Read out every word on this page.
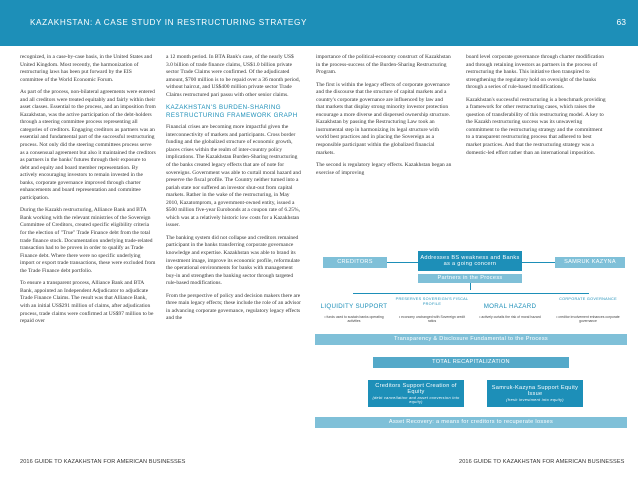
KAZAKHSTAN: A CASE STUDY IN RESTRUCTURING STRATEGY	63

recognized, in a case-by-case basis, in the United States and United Kingdom. Most recently, the harmonization of restructuring laws has been put forward by the EIS committee of the World Economic Forum.

As part of the process, non-bilateral agreements were entered and all creditors were treated equitably and fairly within their asset classes. Essential to the process, and an imposition from Kazakhstan, was the active participation of the debt-holders through a steering committee process representing all categories of creditors. Engaging creditors as partners was an essential and fundamental part of the successful restructuring process. Not only did the steering committees process serve as a consensual agreement but also it maintained the creditors as partners in the banks' futures through their exposure to debt and equity and board member representation. By actively encouraging investors to remain invested in the banks, corporate governance improved through charter enhancements and board representation and committee participation.

During the Kazakh restructuring, Alliance Bank and BTA Bank working with the relevant ministries of the Sovereign Committee of Creditors, created specific eligibility criteria for the election of "True" Trade Finance debt from the total trade finance stock. Documentation underlying trade-related transaction had to be proven in order to qualify as Trade Finance debt. Where there were no specific underlying import or export trade transactions, these were excluded from the Trade Finance debt portfolio.

To ensure a transparent process, Alliance Bank and BTA Bank, appointed an Independent Adjudicator to adjudicate Trade Finance Claims. The result was that Alliance Bank, with an initial US$291 million of claims, after adjudication process, trade claims were confirmed at US$97 million to be repaid over

a 12 month period. In BTA Bank's case, of the nearly US$ 3.0 billion of trade finance claims, US$1.0 billion private sector Trade Claims were confirmed. Of the adjudicated amount, $700 million is to be repaid over a 36 month period, without haircut, and US$400 million private sector Trade Claims restructured pari passu with other senior claims.

KAZAKHSTAN'S BURDEN-SHARING RESTRUCTURING FRAMEWORK GRAPH

Financial crises are becoming more impactful given the interconnectivity of markets and participants. Cross border funding and the globalized structure of economic growth, places crises within the realm of inter-country policy implications. The Kazakhstan Burden-Sharing restructuring of the banks created legacy effects that are of note for sovereigns. Government was able to curtail moral hazard and preserve the fiscal profile. The Country neither turned into a pariah state nor suffered an investor shut-out from capital markets. Rather in the wake of the restructuring, in May 2010, Kazatomprom, a government-owned entity, issued a $500 million five-year Eurobonds at a coupon rate of 6.25%, which was at a relatively historic low costs for a Kazakhstan issuer.

The banking system did not collapse and creditors remained participant in the banks transferring corporate governance knowledge and expertise. Kazakhstan was able to brand its investment image, improve its economic profile, reformulate the operational environments for banks with management buy-in and strengthen the banking sector through targeted rule-based modifications.

From the perspective of policy and decision makers there are three main legacy effects; these include the role of an advisor in advancing corporate governance, regulatory legacy effects and the

importance of the political-economy construct of Kazakhstan in the process-success of the Burden-Sharing Restructuring Program.

The first is within the legacy effects of corporate governance and the discourse that the structure of capital markets and a country's corporate governance are influenced by law and that markets that display strong minority investor protection encourage a more diverse and dispersed ownership structure. Kazakhstan by passing the Restructuring Law took an instrumental step in harmonizing its legal structure with world best practices and in placing the Sovereign as a responsible participant within the globalized financial markets.

The second is regulatory legacy effects. Kazakhstan began an exercise of improving

board level corporate governance through charter modification and through retaining investors as partners in the process of restructuring the banks. This initiative then transpired to strengthening the regulatory hold on oversight of the banks through a series of rule-based modifications.

Kazakhstan's successful restructuring is a benchmark providing a framework for other restructuring cases, which raises the question of transferability of this restructuring model. A key to the Kazakh restructuring success was its unwavering commitment to the restructuring strategy and the commitment to a transparent restructuring process that adhered to best market practices. And that the restructuring strategy was a domestic-led effort rather than an international imposition.

Addresses BS weakness and Banks as a going concern
CREDITORS	SAMRUK KAZYNA
Partners in the Process
LIQUIDITY SUPPORT
PRESERVES SOVEREIGN'S FISCAL PROFILE	MORAL HAZARD
CORPORATE GOVERNANCE
• funds used to sustain banks operating activities
• economy unchanged with Sovereign credit ratios
• actively curtails the risk of moral hazard	• creditor involvement enhances corporate governance
Transparency & Disclosure Fundamental to the Process
TOTAL RECAPITALIZATION
Creditors Support Creation of Equity
(debt cancellation and asset conversion into equity)
Samruk-Kazyna Support Equity Issue
(fresh investment into equity)
Asset Recovery: a means for creditors to recuperate losses
2016 GUIDE TO KAZAKHSTAN FOR AMERICAN BUSINESSES	2016 GUIDE TO KAZAKHSTAN FOR AMERICAN BUSINESSES
